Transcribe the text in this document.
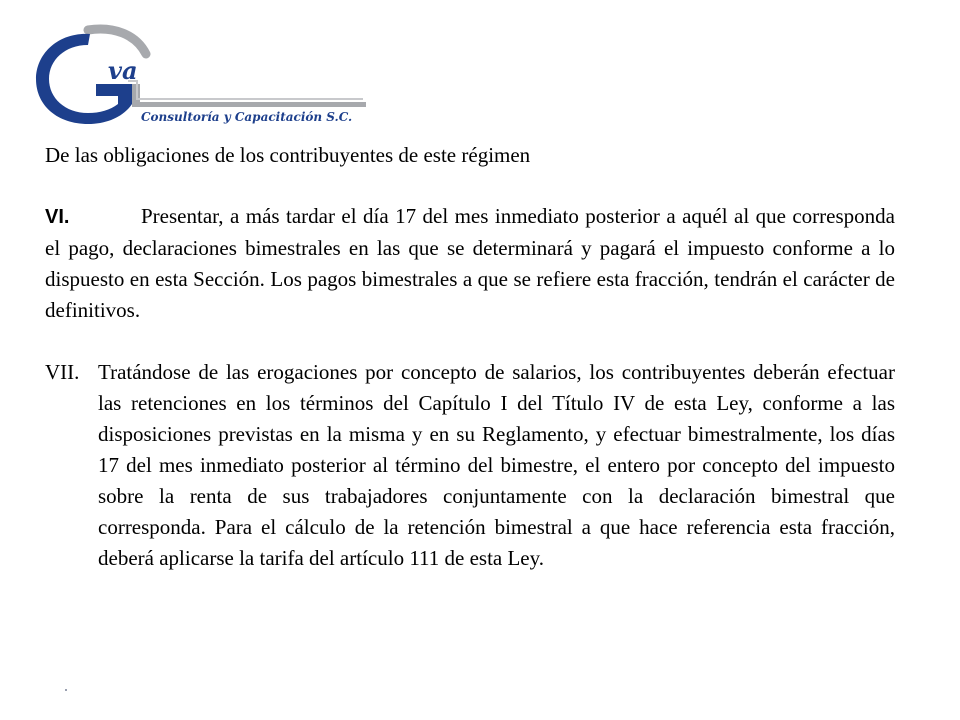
va
Consultoría y Capacitación S.C.

De las obligaciones de los contribuyentes de este régimen

VI.	Presentar, a más tardar el día 17 del mes inmediato posterior a aquél al que corresponda el pago, declaraciones bimestrales en las que se determinará y pagará el impuesto conforme a lo dispuesto en esta Sección. Los pagos bimestrales a que se refiere esta fracción, tendrán el carácter de definitivos.

VII. Tratándose de las erogaciones por concepto de salarios, los contribuyentes deberán efectuar las retenciones en los términos del Capítulo I del Título IV de esta Ley, conforme a las disposiciones previstas en la misma y en su Reglamento, y efectuar bimestralmente, los días 17 del mes inmediato posterior al término del bimestre, el entero por concepto del impuesto sobre la renta de sus trabajadores conjuntamente con la declaración bimestral que corresponda. Para el cálculo de la retención bimestral a que hace referencia esta fracción, deberá aplicarse la tarifa del artículo 111 de esta Ley.
